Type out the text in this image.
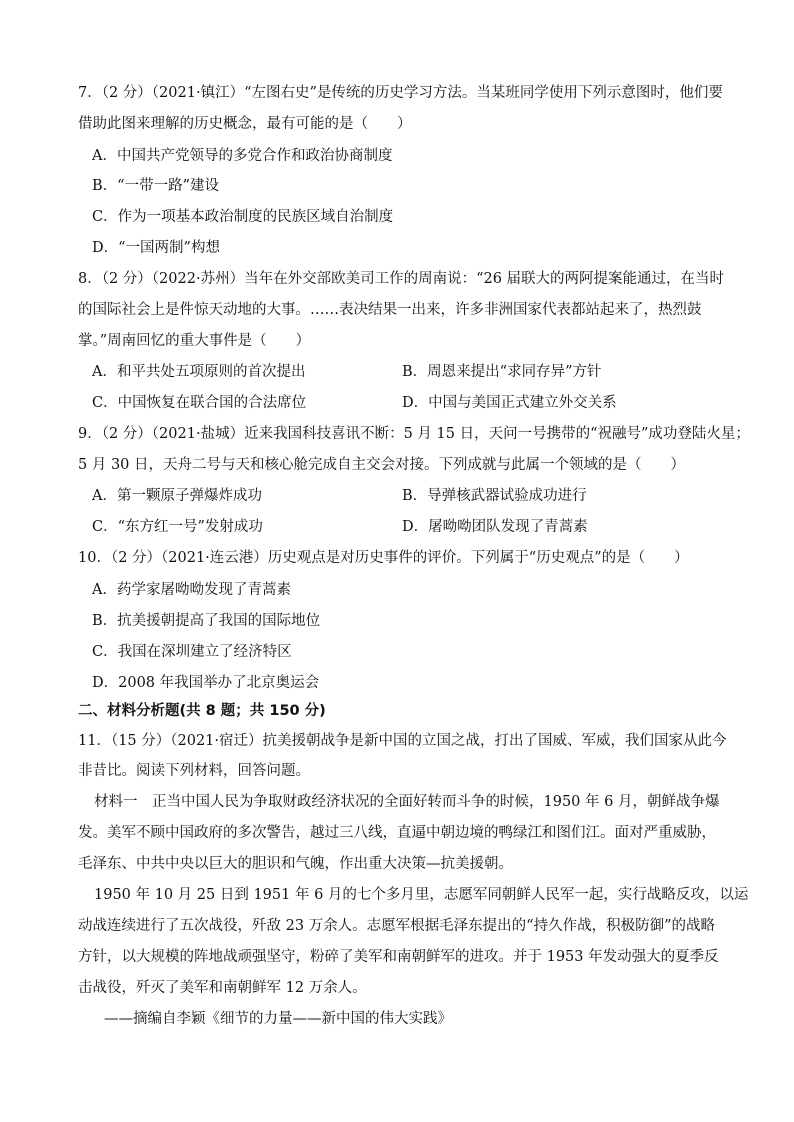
7．（2 分）（2021·镇江）“左图右史”是传统的历史学习方法。当某班同学使用下列示意图时，他们要
借助此图来理解的历史概念，最有可能的是（　　）
A．中国共产党领导的多党合作和政治协商制度
B．“一带一路”建设
C．作为一项基本政治制度的民族区域自治制度
D．“一国两制”构想
8．（2 分）（2022·苏州）当年在外交部欧美司工作的周南说：“26 届联大的两阿提案能通过，在当时
的国际社会上是件惊天动地的大事。……表决结果一出来，许多非洲国家代表都站起来了，热烈鼓
掌。”周南回忆的重大事件是（　　）
A．和平共处五项原则的首次提出	B．周恩来提出“求同存异”方针
C．中国恢复在联合国的合法席位	D．中国与美国正式建立外交关系
9．（2 分）（2021·盐城）近来我国科技喜讯不断：5 月 15 日，天问一号携带的“祝融号”成功登陆火星；
5 月 30 日，天舟二号与天和核心舱完成自主交会对接。下列成就与此属一个领域的是（　　）
A．第一颗原子弹爆炸成功	B．导弹核武器试验成功进行
C．“东方红一号”发射成功	D．屠呦呦团队发现了青蒿素
10．（2 分）（2021·连云港）历史观点是对历史事件的评价。下列属于“历史观点”的是（　　）
A．药学家屠呦呦发现了青蒿素
B．抗美援朝提高了我国的国际地位
C．我国在深圳建立了经济特区
D．2008 年我国举办了北京奥运会
二、材料分析题(共 8 题；共 150 分)
11．（15 分）（2021·宿迁）抗美援朝战争是新中国的立国之战，打出了国威、军威，我们国家从此今
非昔比。阅读下列材料，回答问题。
材料一　正当中国人民为争取财政经济状况的全面好转而斗争的时候，1950 年 6 月，朝鲜战争爆
发。美军不顾中国政府的多次警告，越过三八线，直逼中朝边境的鸭绿江和图们江。面对严重威胁，
毛泽东、中共中央以巨大的胆识和气魄，作出重大决策—抗美援朝。
1950 年 10 月 25 日到 1951 年 6 月的七个多月里，志愿军同朝鲜人民军一起，实行战略反攻，以运
动战连续进行了五次战役，歼敌 23 万余人。志愿军根据毛泽东提出的“持久作战，积极防御”的战略
方针，以大规模的阵地战顽强坚守，粉碎了美军和南朝鲜军的进攻。并于 1953 年发动强大的夏季反
击战役，歼灭了美军和南朝鲜军 12 万余人。
——摘编自李颖《细节的力量——新中国的伟大实践》
